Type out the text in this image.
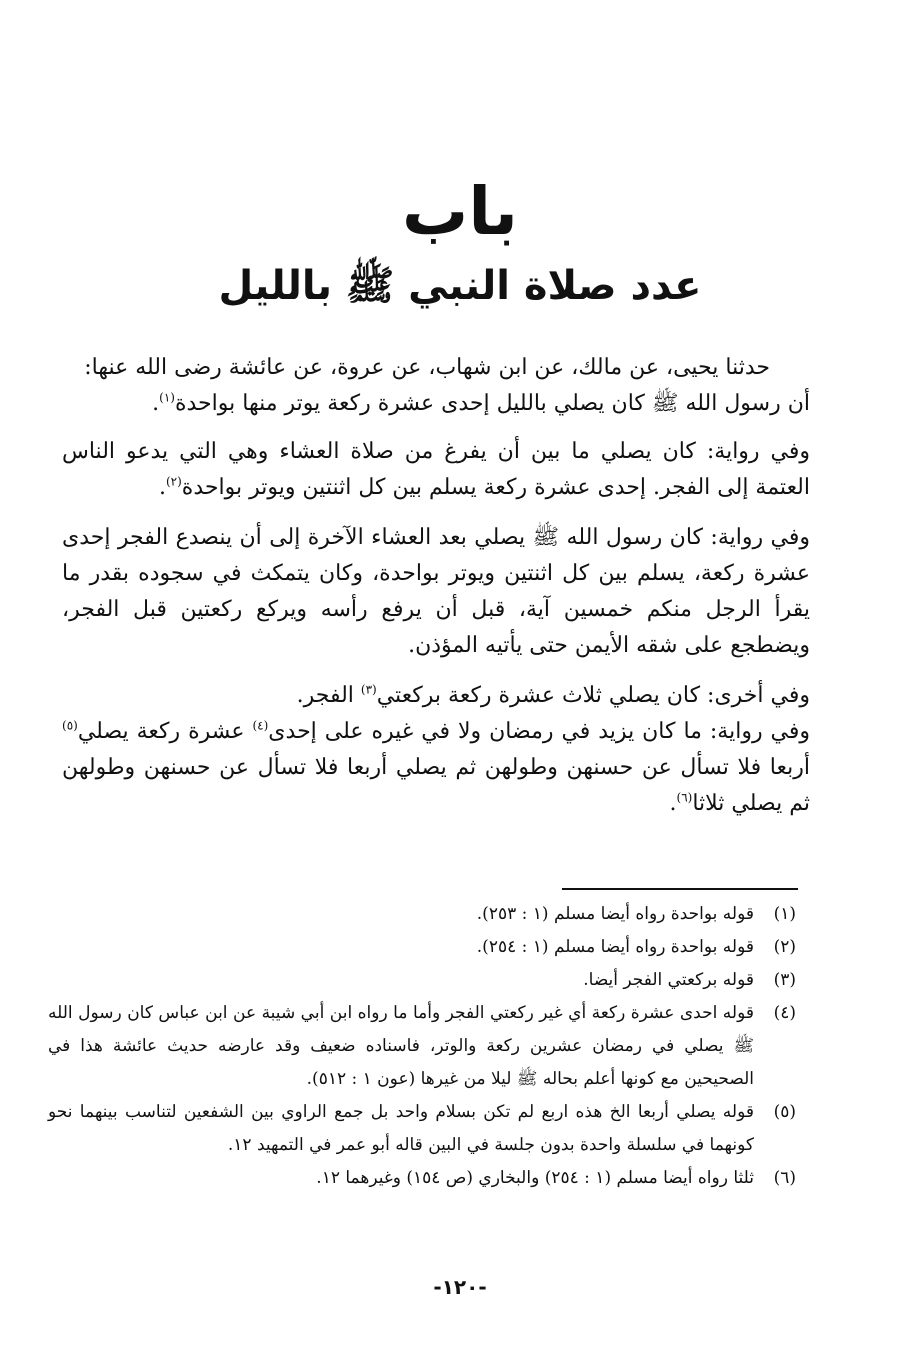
باب
عدد صلاة النبي ﷺ بالليل

حدثنا يحيى، عن مالك، عن ابن شهاب، عن عروة، عن عائشة رضى الله عنها:
أن رسول الله ﷺ كان يصلي بالليل إحدى عشرة ركعة يوتر منها بواحدة$^{(١)}$.

وفي رواية: كان يصلي ما بين أن يفرغ من صلاة العشاء وهي التي يدعو الناس العتمة إلى الفجر. إحدى عشرة ركعة يسلم بين كل اثنتين ويوتر بواحدة$^{(٢)}$.

وفي رواية: كان رسول الله ﷺ يصلي بعد العشاء الآخرة إلى أن ينصدع الفجر إحدى عشرة ركعة، يسلم بين كل اثنتين ويوتر بواحدة، وكان يتمكث في سجوده بقدر ما يقرأ الرجل منكم خمسين آية، قبل أن يرفع رأسه ويركع ركعتين قبل الفجر، ويضطجع على شقه الأيمن حتى يأتيه المؤذن.

وفي أخرى: كان يصلي ثلاث عشرة ركعة بركعتي$^{(٣)}$ الفجر.

وفي رواية: ما كان يزيد في رمضان ولا في غيره على إحدى$^{(٤)}$ عشرة ركعة يصلي$^{(٥)}$ أربعا فلا تسأل عن حسنهن وطولهن ثم يصلي أربعا فلا تسأل عن حسنهن وطولهن ثم يصلي ثلاثا$^{(٦)}$.

(١)
قوله بواحدة رواه أيضا مسلم (١ : ٢٥٣).
(٢)
قوله بواحدة رواه أيضا مسلم (١ : ٢٥٤).
(٣)
قوله بركعتي الفجر أيضا.
(٤)
قوله احدى عشرة ركعة أي غير ركعتي الفجر وأما ما رواه ابن أبي شيبة عن ابن عباس كان رسول الله ﷺ يصلي في رمضان عشرين ركعة والوتر، فاسناده ضعيف وقد عارضه حديث عائشة هذا في الصحيحين مع كونها أعلم بحاله ﷺ ليلا من غيرها (عون ١ : ٥١٢).
(٥)
قوله يصلي أربعا الخ هذه اربع لم تكن بسلام واحد بل جمع الراوي بين الشفعين لتناسب بينهما نحو كونهما في سلسلة واحدة بدون جلسة في البين قاله أبو عمر في التمهيد ١٢.
(٦)
ثلثا رواه أيضا مسلم (١ : ٢٥٤) والبخاري (ص ١٥٤) وغيرهما ١٢.
-١٢٠-
